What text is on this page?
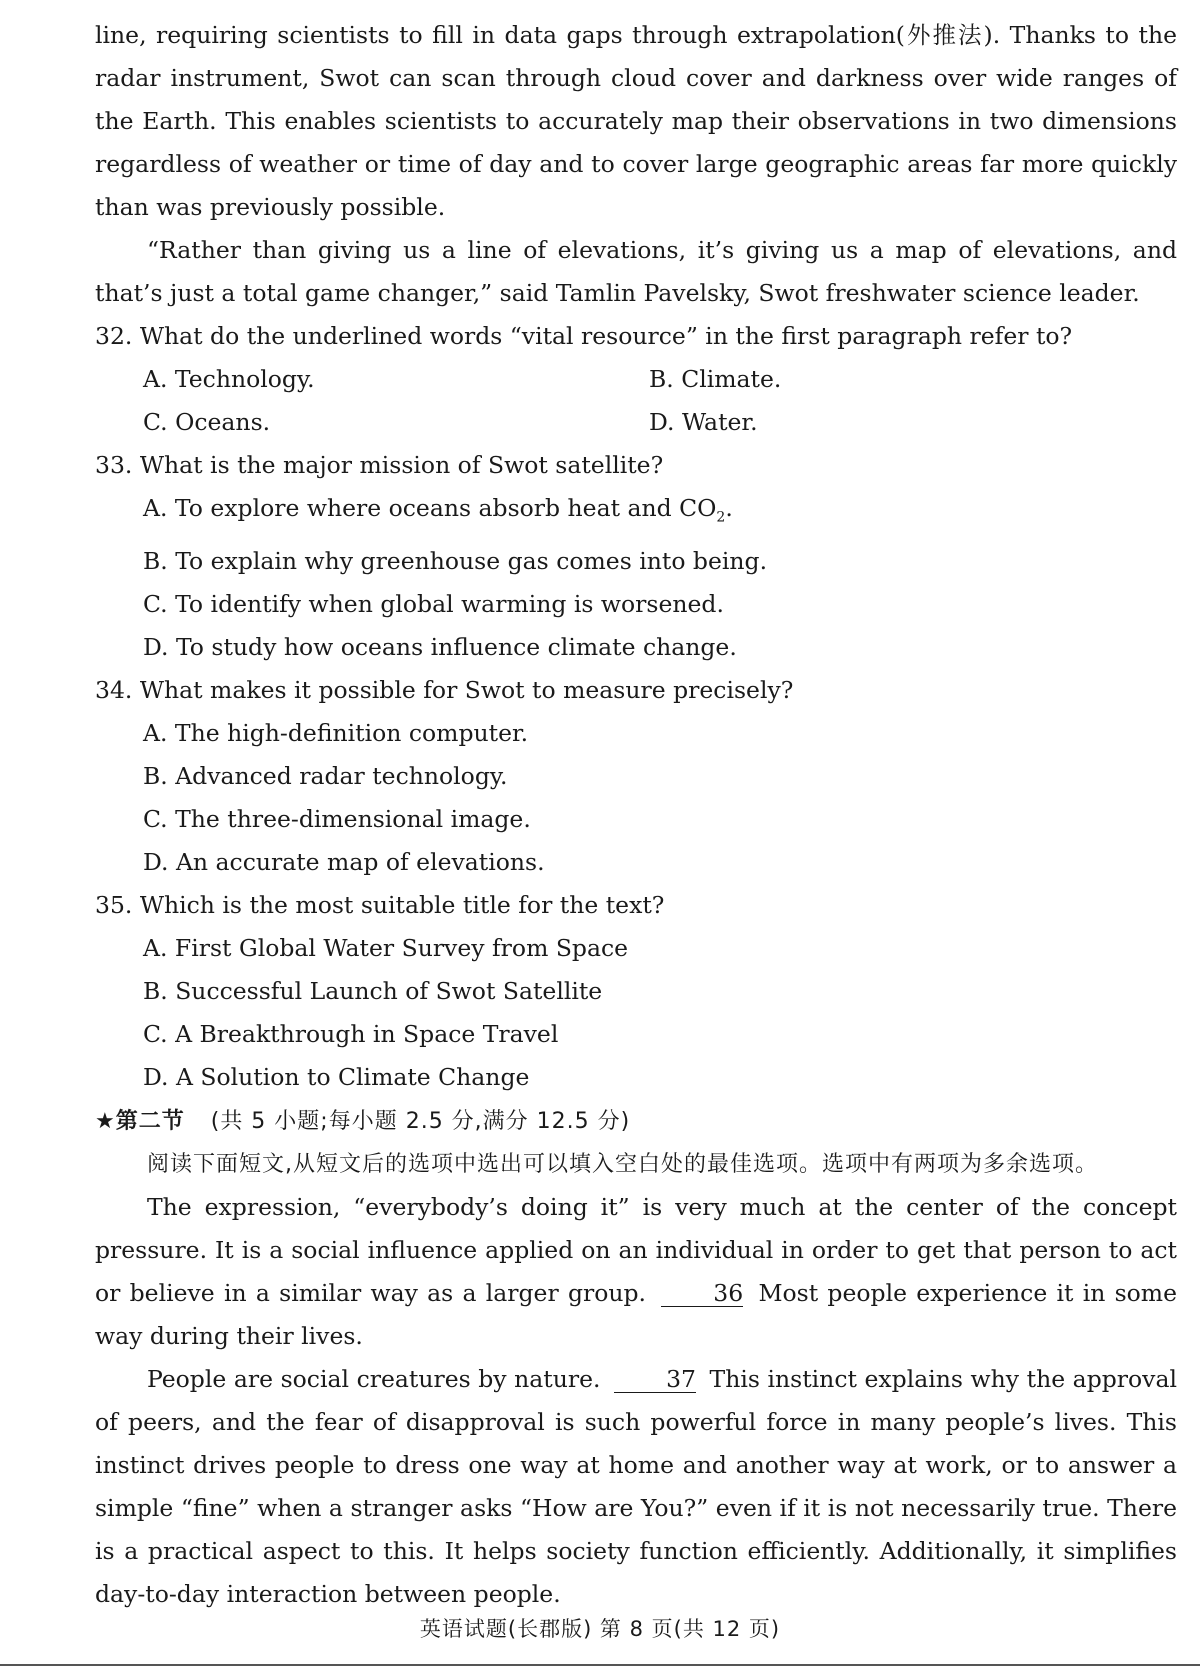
line, requiring scientists to fill in data gaps through extrapolation(外推法). Thanks to the radar instrument, Swot can scan through cloud cover and darkness over wide ranges of the Earth. This enables scientists to accurately map their observations in two dimensions regardless of weather or time of day and to cover large geographic areas far more quickly than was previously possible.

“Rather than giving us a line of elevations, it’s giving us a map of elevations, and that’s just a total game changer,” said Tamlin Pavelsky, Swot freshwater science leader.

32. What do the underlined words “vital resource” in the first paragraph refer to?

A. Technology.	B. Climate.
C. Oceans.	D. Water.

33. What is the major mission of Swot satellite?

A. To explore where oceans absorb heat and $CO_2$.

B. To explain why greenhouse gas comes into being.

C. To identify when global warming is worsened.

D. To study how oceans influence climate change.

34. What makes it possible for Swot to measure precisely?

A. The high-definition computer.

B. Advanced radar technology.

C. The three-dimensional image.

D. An accurate map of elevations.

35. Which is the most suitable title for the text?

A. First Global Water Survey from Space

B. Successful Launch of Swot Satellite

C. A Breakthrough in Space Travel

D. A Solution to Climate Change

★第二节 (共 5 小题;每小题 2.5 分,满分 12.5 分)

阅读下面短文,从短文后的选项中选出可以填入空白处的最佳选项。选项中有两项为多余选项。

The expression, “everybody’s doing it” is very much at the center of the concept pressure. It is a social influence applied on an individual in order to get that person to act or believe in a similar way as a larger group.	36 Most people experience it in some way during their lives.

People are social creatures by nature.	37 This instinct explains why the approval of peers, and the fear of disapproval is such powerful force in many people’s lives. This instinct drives people to dress one way at home and another way at work, or to answer a simple “fine” when a stranger asks “How are You?” even if it is not necessarily true. There is a practical aspect to this. It helps society function efficiently. Additionally, it simplifies day-to-day interaction between people.

英语试题(长郡版) 第 8 页(共 12 页)
